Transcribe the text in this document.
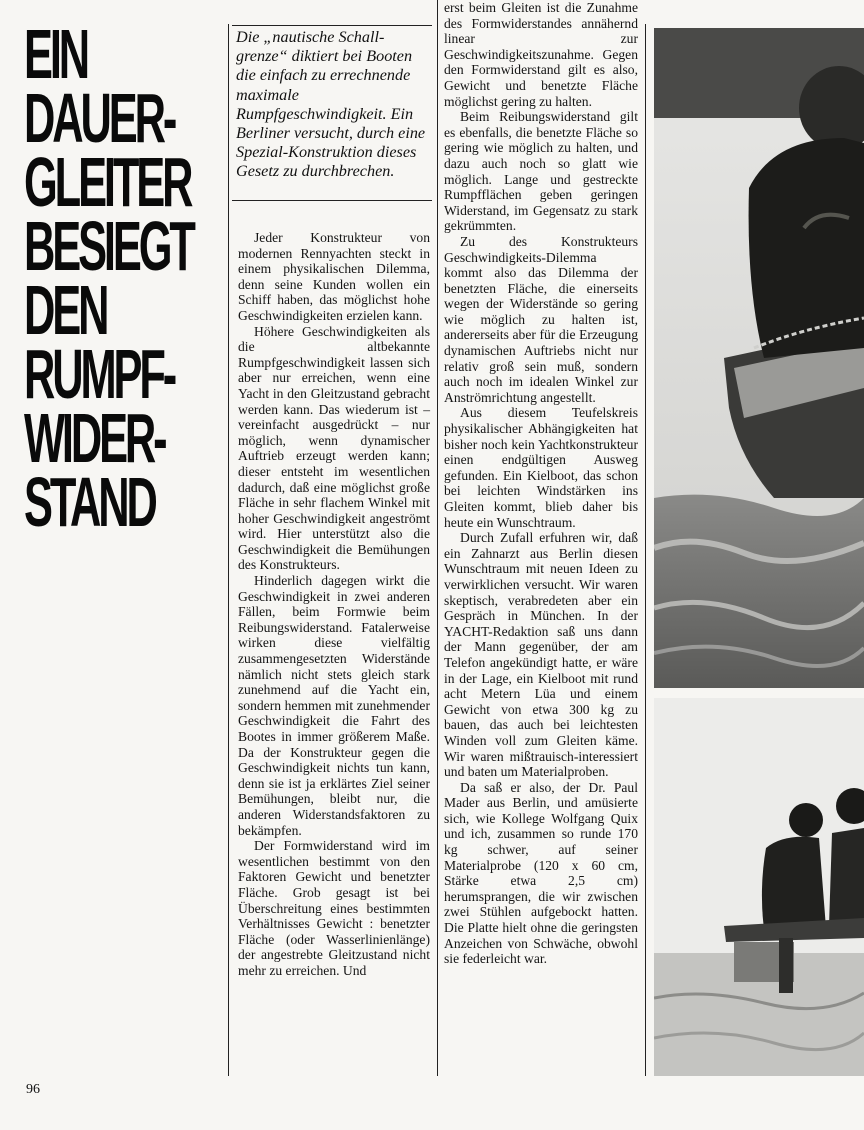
EIN
DAUER-
GLEITER
BESIEGT
DEN
RUMPF-
WIDER-
STAND
Die „nautische Schall-grenze“ diktiert bei Booten die einfach zu errechnende maximale Rumpfgeschwindigkeit. Ein Berliner versucht, durch eine Spezial-Konstruktion dieses Gesetz zu durchbrechen.

Jeder Konstrukteur von modernen Rennyachten steckt in einem physikalischen Dilemma, denn seine Kunden wollen ein Schiff haben, das möglichst hohe Geschwindigkeiten erzielen kann.

Höhere Geschwindigkeiten als die altbekannte Rumpfgeschwindigkeit lassen sich aber nur erreichen, wenn eine Yacht in den Gleitzustand gebracht werden kann. Das wiederum ist – vereinfacht ausgedrückt – nur möglich, wenn dynamischer Auftrieb erzeugt werden kann; dieser entsteht im wesentlichen dadurch, daß eine möglichst große Fläche in sehr flachem Winkel mit hoher Geschwindigkeit angeströmt wird. Hier unterstützt also die Geschwindigkeit die Bemühungen des Konstrukteurs.

Hinderlich dagegen wirkt die Geschwindigkeit in zwei anderen Fällen, beim Formwie beim Reibungswiderstand. Fatalerweise wirken diese vielfältig zusammengesetzten Widerstände nämlich nicht stets gleich stark zunehmend auf die Yacht ein, sondern hemmen mit zunehmender Geschwindigkeit die Fahrt des Bootes in immer größerem Maße. Da der Konstrukteur gegen die Geschwindigkeit nichts tun kann, denn sie ist ja erklärtes Ziel seiner Bemühungen, bleibt nur, die anderen Widerstandsfaktoren zu bekämpfen.

Der Formwiderstand wird im wesentlichen bestimmt von den Faktoren Gewicht und benetzter Fläche. Grob gesagt ist bei Überschreitung eines bestimmten Verhältnisses Gewicht : benetzter Fläche (oder Wasserlinienlänge) der angestrebte Gleitzustand nicht mehr zu erreichen. Und

erst beim Gleiten ist die Zunahme des Formwiderstandes annähernd linear zur Geschwindigkeitszunahme. Gegen den Formwiderstand gilt es also, Gewicht und benetzte Fläche möglichst gering zu halten.

Beim Reibungswiderstand gilt es ebenfalls, die benetzte Fläche so gering wie möglich zu halten, und dazu auch noch so glatt wie möglich. Lange und gestreckte Rumpfflächen geben geringen Widerstand, im Gegensatz zu stark gekrümmten.

Zu des Konstrukteurs Geschwindigkeits-Dilemma kommt also das Dilemma der benetzten Fläche, die einerseits wegen der Widerstände so gering wie möglich zu halten ist, andererseits aber für die Erzeugung dynamischen Auftriebs nicht nur relativ groß sein muß, sondern auch noch im idealen Winkel zur Anströmrichtung angestellt.

Aus diesem Teufelskreis physikalischer Abhängigkeiten hat bisher noch kein Yachtkonstrukteur einen endgültigen Ausweg gefunden. Ein Kielboot, das schon bei leichten Windstärken ins Gleiten kommt, blieb daher bis heute ein Wunschtraum.

Durch Zufall erfuhren wir, daß ein Zahnarzt aus Berlin diesen Wunschtraum mit neuen Ideen zu verwirklichen versucht. Wir waren skeptisch, verabredeten aber ein Gespräch in München. In der YACHT-Redaktion saß uns dann der Mann gegenüber, der am Telefon angekündigt hatte, er wäre in der Lage, ein Kielboot mit rund acht Metern Lüa und einem Gewicht von etwa 300 kg zu bauen, das auch bei leichtesten Winden voll zum Gleiten käme. Wir waren mißtrauisch-interessiert und baten um Materialproben.

Da saß er also, der Dr. Paul Mader aus Berlin, und amüsierte sich, wie Kollege Wolfgang Quix und ich, zusammen so runde 170 kg schwer, auf seiner Materialprobe (120 x 60 cm, Stärke etwa 2,5 cm) herumsprangen, die wir zwischen zwei Stühlen aufgebockt hatten. Die Platte hielt ohne die geringsten Anzeichen von Schwäche, obwohl sie federleicht war.

96
